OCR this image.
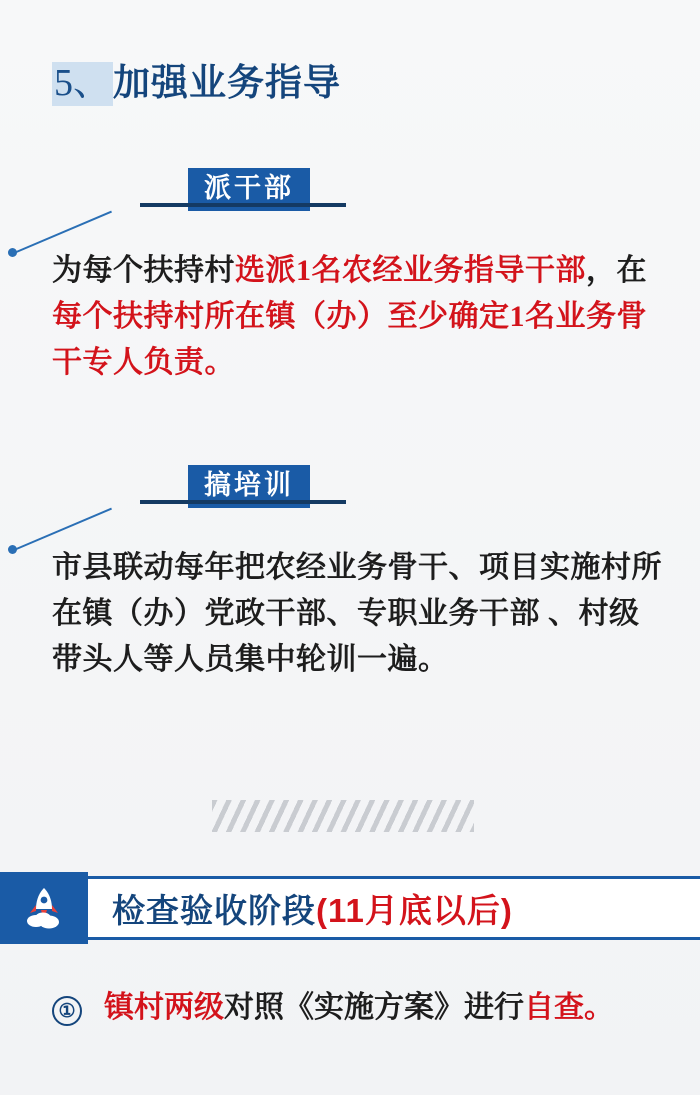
5、 加强业务指导
派干部
为每个扶持村选派1名农经业务指导干部，在每个扶持村所在镇（办）至少确定1名业务骨干专人负责。
搞培训
市县联动每年把农经业务骨干、项目实施村所在镇（办）党政干部、专职业务干部 、村级带头人等人员集中轮训一遍。
检查验收阶段(11月底以后)
① 镇村两级对照《实施方案》进行自查。
